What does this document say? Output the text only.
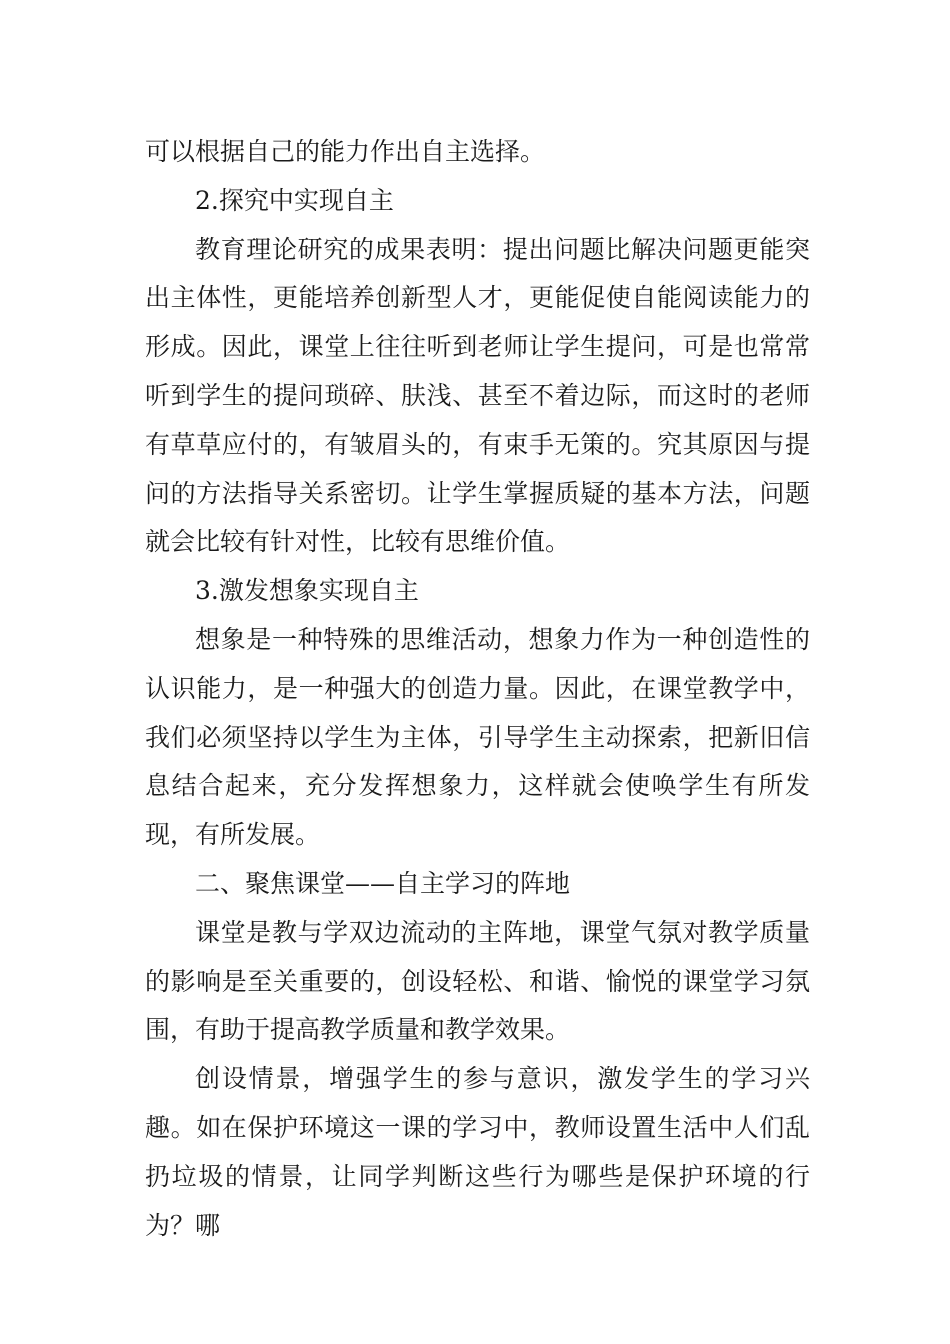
可以根据自己的能力作出自主选择。

2.探究中实现自主

教育理论研究的成果表明：提出问题比解决问题更能突出主体性，更能培养创新型人才，更能促使自能阅读能力的形成。因此，课堂上往往听到老师让学生提问，可是也常常听到学生的提问琐碎、肤浅、甚至不着边际，而这时的老师有草草应付的，有皱眉头的，有束手无策的。究其原因与提问的方法指导关系密切。让学生掌握质疑的基本方法，问题就会比较有针对性，比较有思维价值。

3.激发想象实现自主

想象是一种特殊的思维活动，想象力作为一种创造性的认识能力，是一种强大的创造力量。因此，在课堂教学中，我们必须坚持以学生为主体，引导学生主动探索，把新旧信息结合起来，充分发挥想象力，这样就会使唤学生有所发现，有所发展。

二、聚焦课堂——自主学习的阵地

课堂是教与学双边流动的主阵地，课堂气氛对教学质量的影响是至关重要的，创设轻松、和谐、愉悦的课堂学习氛围，有助于提高教学质量和教学效果。

创设情景，增强学生的参与意识，激发学生的学习兴趣。如在保护环境这一课的学习中，教师设置生活中人们乱扔垃圾的情景，让同学判断这些行为哪些是保护环境的行为？哪
